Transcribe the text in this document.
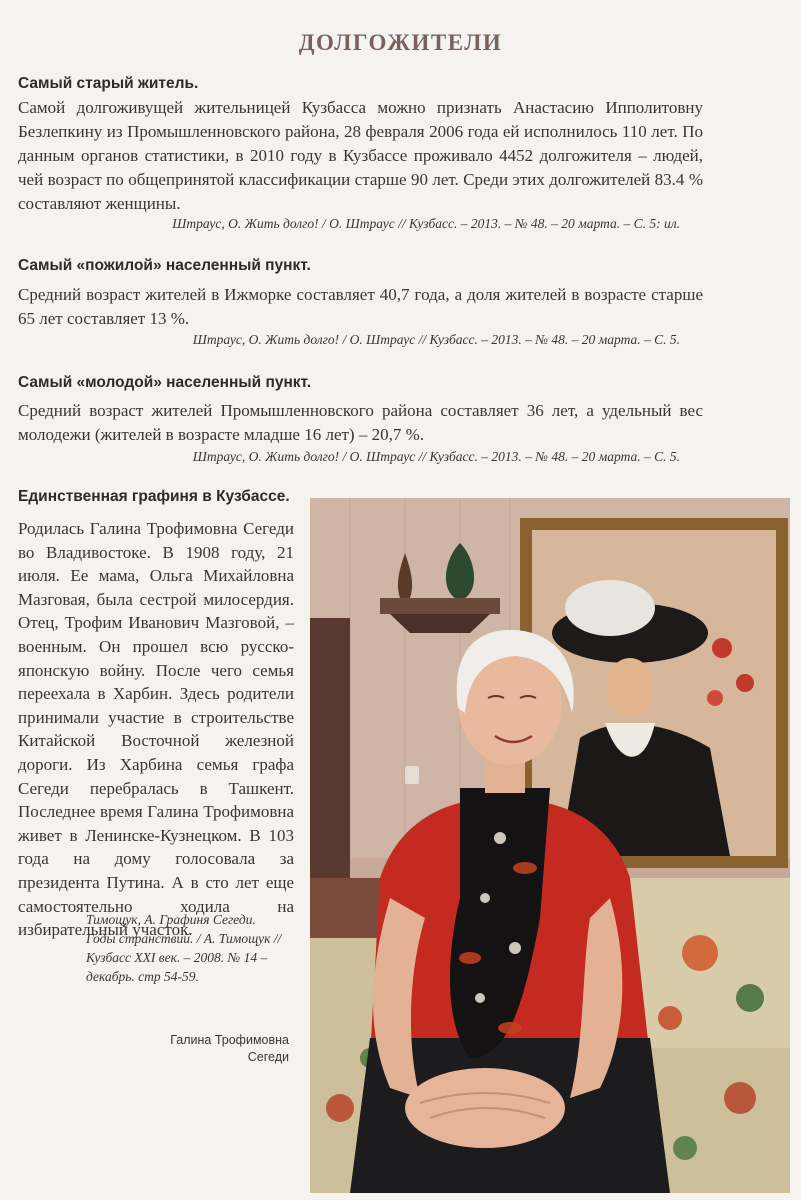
ДОЛГОЖИТЕЛИ
Самый старый житель.

Самой долгоживущей жительницей Кузбасса можно признать Анастасию Ипполитовну Безлепкину из Промышленновского района, 28 февраля 2006 года ей исполнилось 110 лет. По данным органов статистики, в 2010 году в Кузбассе проживало 4452 долгожителя – людей, чей возраст по общепринятой классификации старше 90 лет. Среди этих долгожителей 83.4 % составляют женщины.

Штраус, О. Жить долго! / О. Штраус // Кузбасс. – 2013. – № 48. – 20 марта. – С. 5: ил.

Самый «пожилой» населенный пункт.

Средний возраст жителей в Ижморке составляет 40,7 года, а доля жителей в возрасте старше 65 лет составляет 13 %.

Штраус, О. Жить долго! / О. Штраус // Кузбасс. – 2013. – № 48. – 20 марта. – С. 5.

Самый «молодой» населенный пункт.

Средний возраст жителей Промышленновского района составляет 36 лет, а удельный вес молодежи (жителей в возрасте младше 16 лет) – 20,7 %.

Штраус, О. Жить долго! / О. Штраус // Кузбасс. – 2013. – № 48. – 20 марта. – С. 5.

Единственная графиня в Кузбассе.

Родилась Галина Трофимовна Сегеди во Владивостоке. В 1908 году, 21 июля. Ее мама, Ольга Михайловна Мазговая, была сестрой милосердия. Отец, Трофим Иванович Мазговой, – военным. Он прошел всю русско-японскую войну. После чего семья переехала в Харбин. Здесь родители принимали участие в строительстве Китайской Восточной железной дороги. Из Харбина семья графа Сегеди перебралась в Ташкент. Последнее время Галина Трофимовна живет в Ленинске-Кузнецком. В 103 года на дому голосовала за президента Путина. А в сто лет еще самостоятельно ходила на избирательный участок.

Тимощук, А. Графиня Сегеди. Годы странствий. / А. Тимощук // Кузбасс XXI век. – 2008. № 14 – декабрь. стр 54-59.

Галина Трофимовна Сегеди
